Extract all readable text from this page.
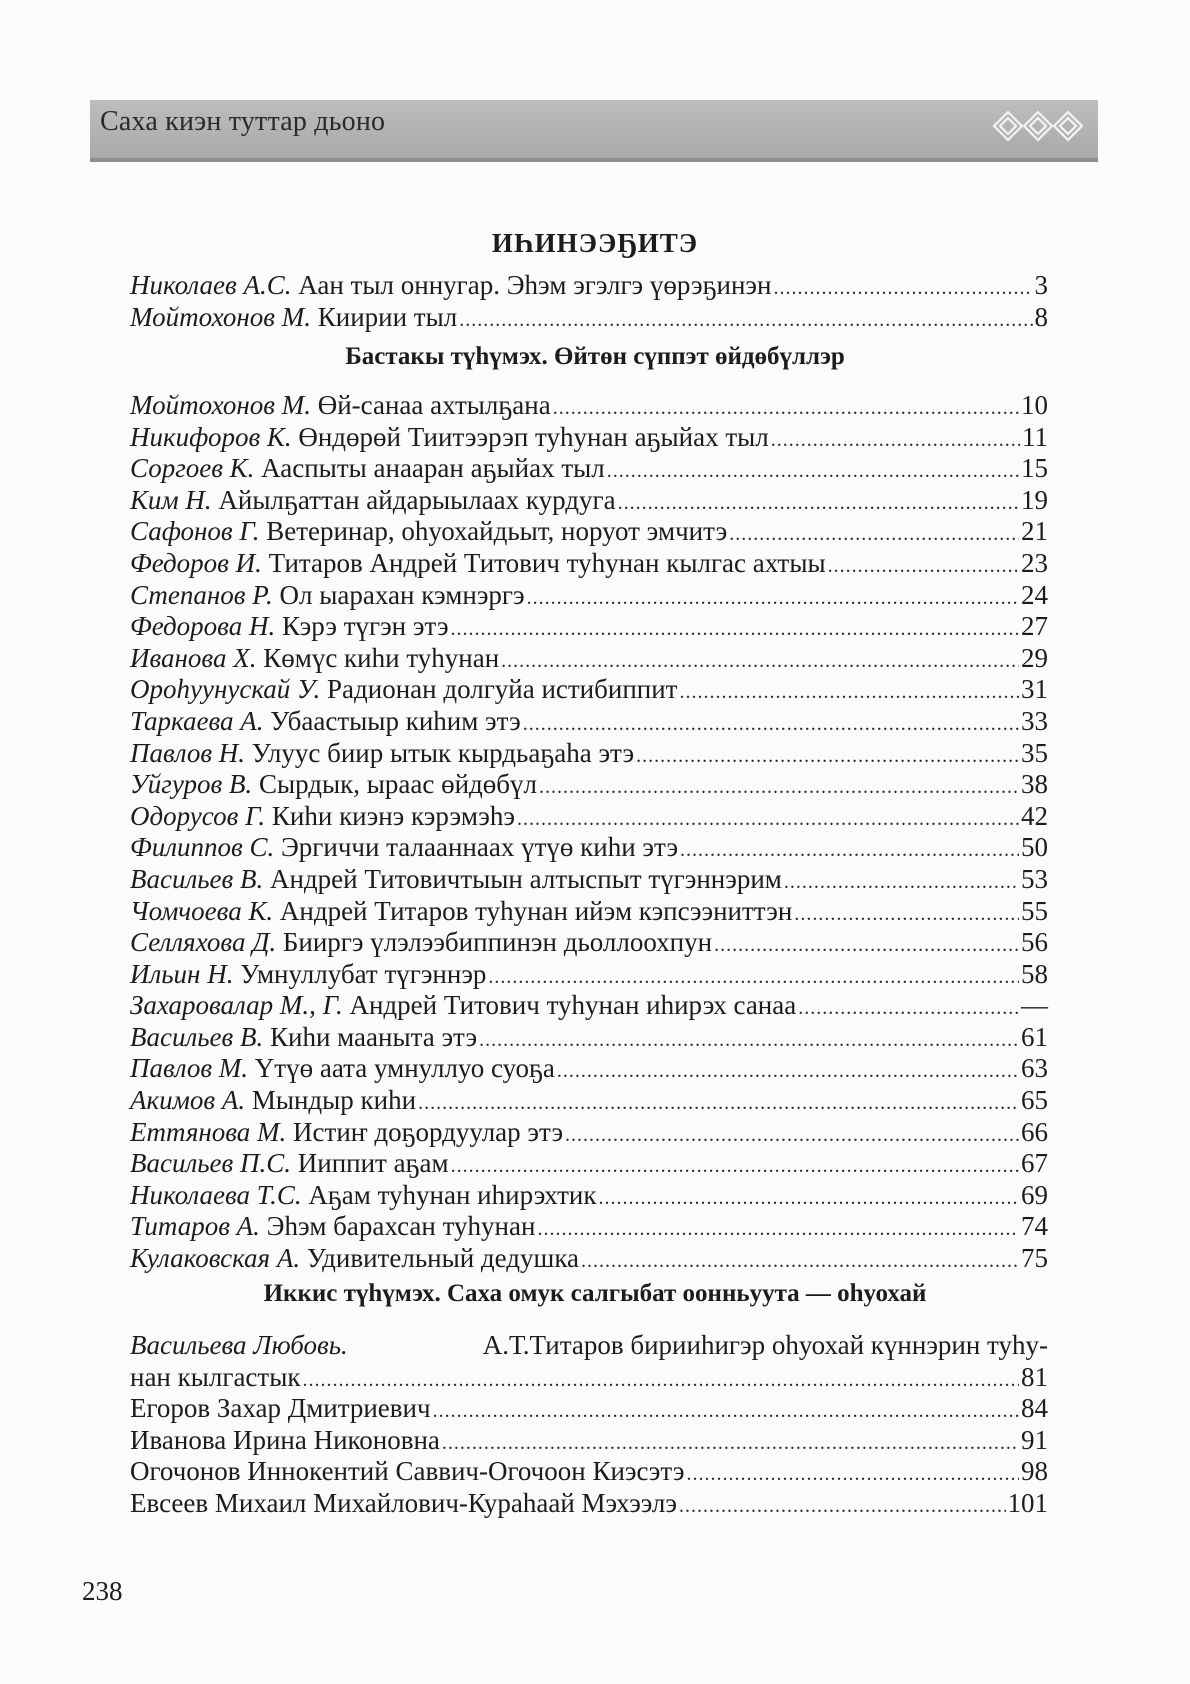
Саха киэн туттар дьоно
ИҺИНЭЭҔИТЭ
Николаев А.С. Аан тыл оннугар. Эһэм эгэлгэ үөрэҕинэн .....	3
Мойтохонов М. Киирии тыл .....	8
Бастакы түһүмэх. Өйтөн сүппэт өйдөбүллэр
Мойтохонов М. Өй-санаа ахтылҕана .....	10
Никифоров К. Өндөрөй Тиитээрэп туһунан аҕыйах тыл .....	11
Соргоев К. Ааспыты анааран аҕыйах тыл .....	15
Ким Н. Айылҕаттан айдарыылаах курдуга .....	19
Сафонов Г. Ветеринар, оһуохайдьыт, норуот эмчитэ .....	21
Федоров И. Титаров Андрей Титович туһунан кылгас ахтыы .....	23
Степанов Р. Ол ыарахан кэмнэргэ .....	24
Федорова Н. Кэрэ түгэн этэ .....	27
Иванова Х. Көмүс киһи туһунан .....	29
Ороһуунускай У. Радионан долгуйа истибиппит .....	31
Таркаева А. Убаастыыр киһим этэ .....	33
Павлов Н. Улуус биир ытык кырдьаҕаһа этэ .....	35
Уйгуров В. Сырдык, ыраас өйдөбүл .....	38
Одорусов Г. Киһи киэнэ кэрэмэһэ .....	42
Филиппов С. Эргиччи талааннаах үтүө киһи этэ .....	50
Васильев В. Андрей Титовичтыын алтыспыт түгэннэрим .....	53
Чомчоева К. Андрей Титаров туһунан ийэм кэпсээниттэн .....	55
Селляхова Д. Бииргэ үлэлээбиппинэн дьоллоохпун .....	56
Ильин Н. Умнуллубат түгэннэр .....	58
Захаровалар М., Г. Андрей Титович туһунан иһирэх санаа .....	—
Васильев В. Киһи мааныта этэ .....	61
Павлов М. Үтүө аата умнуллуо суоҕа .....	63
Акимов А. Мындыр киһи .....	65
Еттянова М. Истиҥ доҕордуулар этэ .....	66
Васильев П.С. Ииппит аҕам .....	67
Николаева Т.С. Аҕам туһунан иһирэхтик .....	69
Титаров А. Эһэм барахсан туһунан .....	74
Кулаковская А. Удивительный дедушка .....	75
Иккис түһүмэх. Саха омук салгыбат оонньуута — оһуохай
Васильева Любовь.	А.Т.Титаров бирииһигэр оһуохай күннэрин туһу-
нан кылгастык .....	81
Егоров Захар Дмитриевич .....	84
Иванова Ирина Никоновна .....	91
Огочонов Иннокентий Саввич-Огочоон Киэсэтэ .....	98
Евсеев Михаил Михайлович-Кураһаай Мэхээлэ .....	101
238
